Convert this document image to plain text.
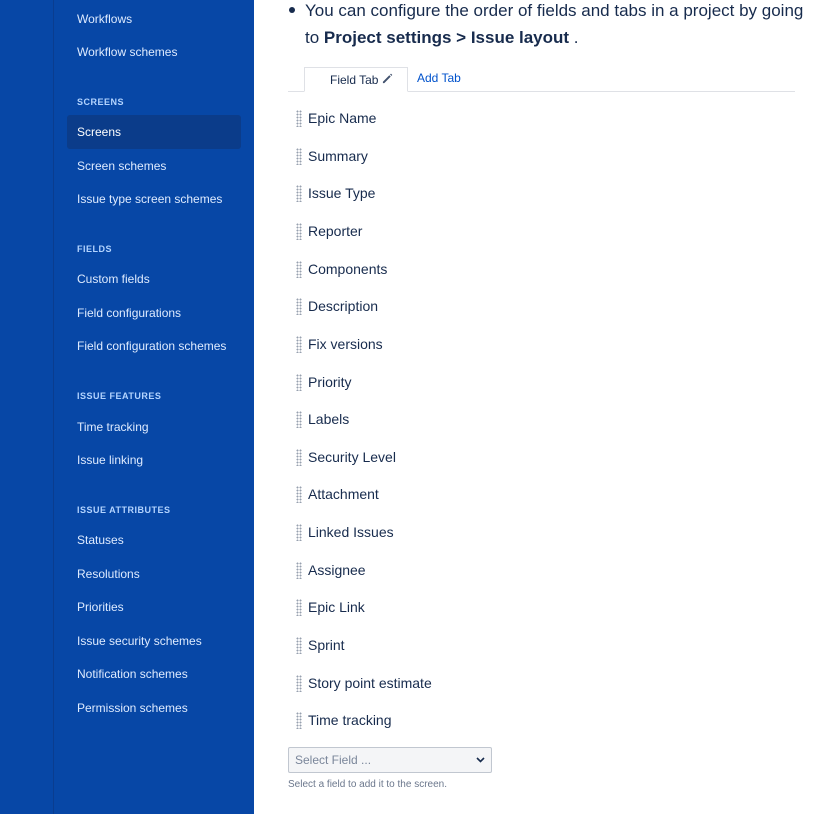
Workflows
Workflow schemes
SCREENS
Screens
Screen schemes
Issue type screen schemes
FIELDS
Custom fields
Field configurations
Field configuration schemes
ISSUE FEATURES
Time tracking
Issue linking
ISSUE ATTRIBUTES
Statuses
Resolutions
Priorities
Issue security schemes
Notification schemes
Permission schemes
You can configure the order of fields and tabs in a project by going to Project settings > Issue layout .
Field Tab	Add Tab
Epic Name
Summary
Issue Type
Reporter
Components
Description
Fix versions
Priority
Labels
Security Level
Attachment
Linked Issues
Assignee
Epic Link
Sprint
Story point estimate
Time tracking
Select Field ...
Select a field to add it to the screen.
